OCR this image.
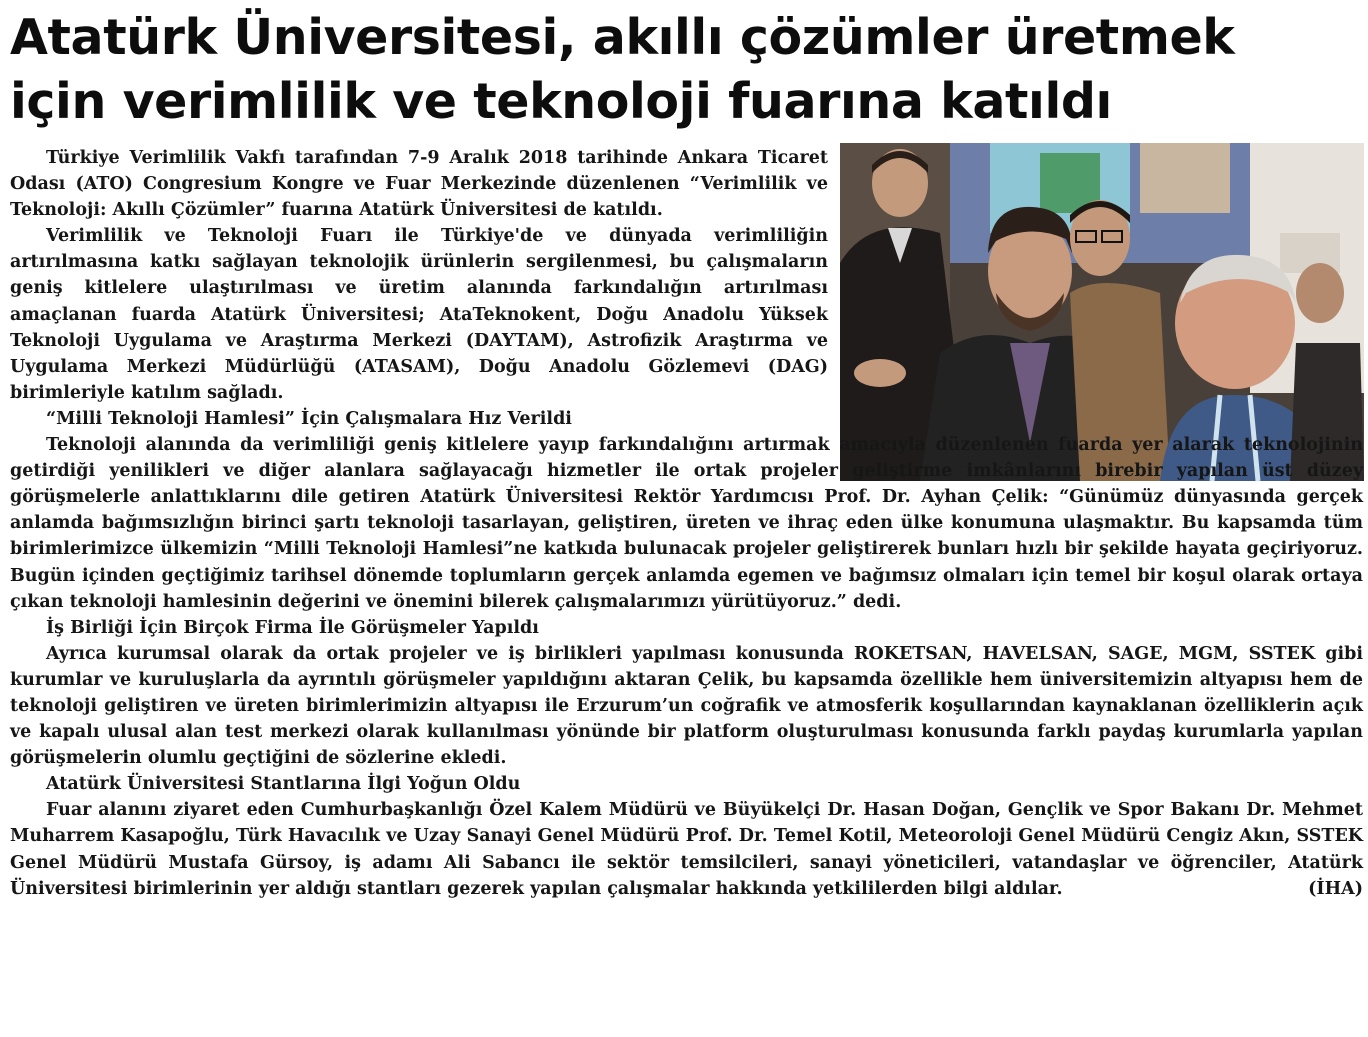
Atatürk Üniversitesi, akıllı çözümler üretmek
için verimlilik ve teknoloji fuarına katıldı

Türkiye Verimlilik Vakfı tarafından 7-9 Aralık 2018 tarihinde Ankara Ticaret Odası (ATO) Congresium Kongre ve Fuar Merkezinde düzenlenen “Verimlilik ve Teknoloji: Akıllı Çözümler” fuarına Atatürk Üniversitesi de katıldı.

Verimlilik ve Teknoloji Fuarı ile Türkiye'de ve dünyada verimliliğin artırılmasına katkı sağlayan teknolojik ürünlerin sergilenmesi, bu çalışmaların geniş kitlelere ulaştırılması ve üretim alanında farkındalığın artırılması amaçlanan fuarda Atatürk Üniversitesi; AtaTeknokent, Doğu Anadolu Yüksek Teknoloji Uygulama ve Araştırma Merkezi (DAYTAM), Astrofizik Araştırma ve Uygulama Merkezi Müdürlüğü (ATASAM), Doğu Anadolu Gözlemevi (DAG) birimleriyle katılım sağladı.

“Milli Teknoloji Hamlesi” İçin Çalışmalara Hız Verildi

Teknoloji alanında da verimliliği geniş kitlelere yayıp farkındalığını artırmak amacıyla düzenlenen fuarda yer alarak teknolojinin getirdiği yenilikleri ve diğer alanlara sağlayacağı hizmetler ile ortak projeler geliştirme imkânlarını birebir yapılan üst düzey görüşmelerle anlattıklarını dile getiren Atatürk Üniversitesi Rektör Yardımcısı Prof. Dr. Ayhan Çelik: “Günümüz dünyasında gerçek anlamda bağımsızlığın birinci şartı teknoloji tasarlayan, geliştiren, üreten ve ihraç eden ülke konumuna ulaşmaktır. Bu kapsamda tüm birimlerimizce ülkemizin “Milli Teknoloji Hamlesi”ne katkıda bulunacak projeler geliştirerek bunları hızlı bir şekilde hayata geçiriyoruz. Bugün içinden geçtiğimiz tarihsel dönemde toplumların gerçek anlamda egemen ve bağımsız olmaları için temel bir koşul olarak ortaya çıkan teknoloji hamlesinin değerini ve önemini bilerek çalışmalarımızı yürütüyoruz.” dedi.

İş Birliği İçin Birçok Firma İle Görüşmeler Yapıldı

Ayrıca kurumsal olarak da ortak projeler ve iş birlikleri yapılması konusunda ROKETSAN, HAVELSAN, SAGE, MGM, SSTEK gibi kurumlar ve kuruluşlarla da ayrıntılı görüşmeler yapıldığını aktaran Çelik, bu kapsamda özellikle hem üniversitemizin altyapısı hem de teknoloji geliştiren ve üreten birimlerimizin altyapısı ile Erzurum’un coğrafik ve atmosferik koşullarından kaynaklanan özelliklerin açık ve kapalı ulusal alan test merkezi olarak kullanılması yönünde bir platform oluşturulması konusunda farklı paydaş kurumlarla yapılan görüşmelerin olumlu geçtiğini de sözlerine ekledi.

Atatürk Üniversitesi Stantlarına İlgi Yoğun Oldu

Fuar alanını ziyaret eden Cumhurbaşkanlığı Özel Kalem Müdürü ve Büyükelçi Dr. Hasan Doğan, Gençlik ve Spor Bakanı Dr. Mehmet Muharrem Kasapoğlu, Türk Havacılık ve Uzay Sanayi Genel Müdürü Prof. Dr. Temel Kotil, Meteoroloji Genel Müdürü Cengiz Akın, SSTEK Genel Müdürü Mustafa Gürsoy, iş adamı Ali Sabancı ile sektör temsilcileri, sanayi yöneticileri, vatandaşlar ve öğrenciler, Atatürk Üniversitesi birimlerinin yer aldığı stantları gezerek yapılan çalışmalar hakkında yetkililerden bilgi aldılar.	(İHA)
